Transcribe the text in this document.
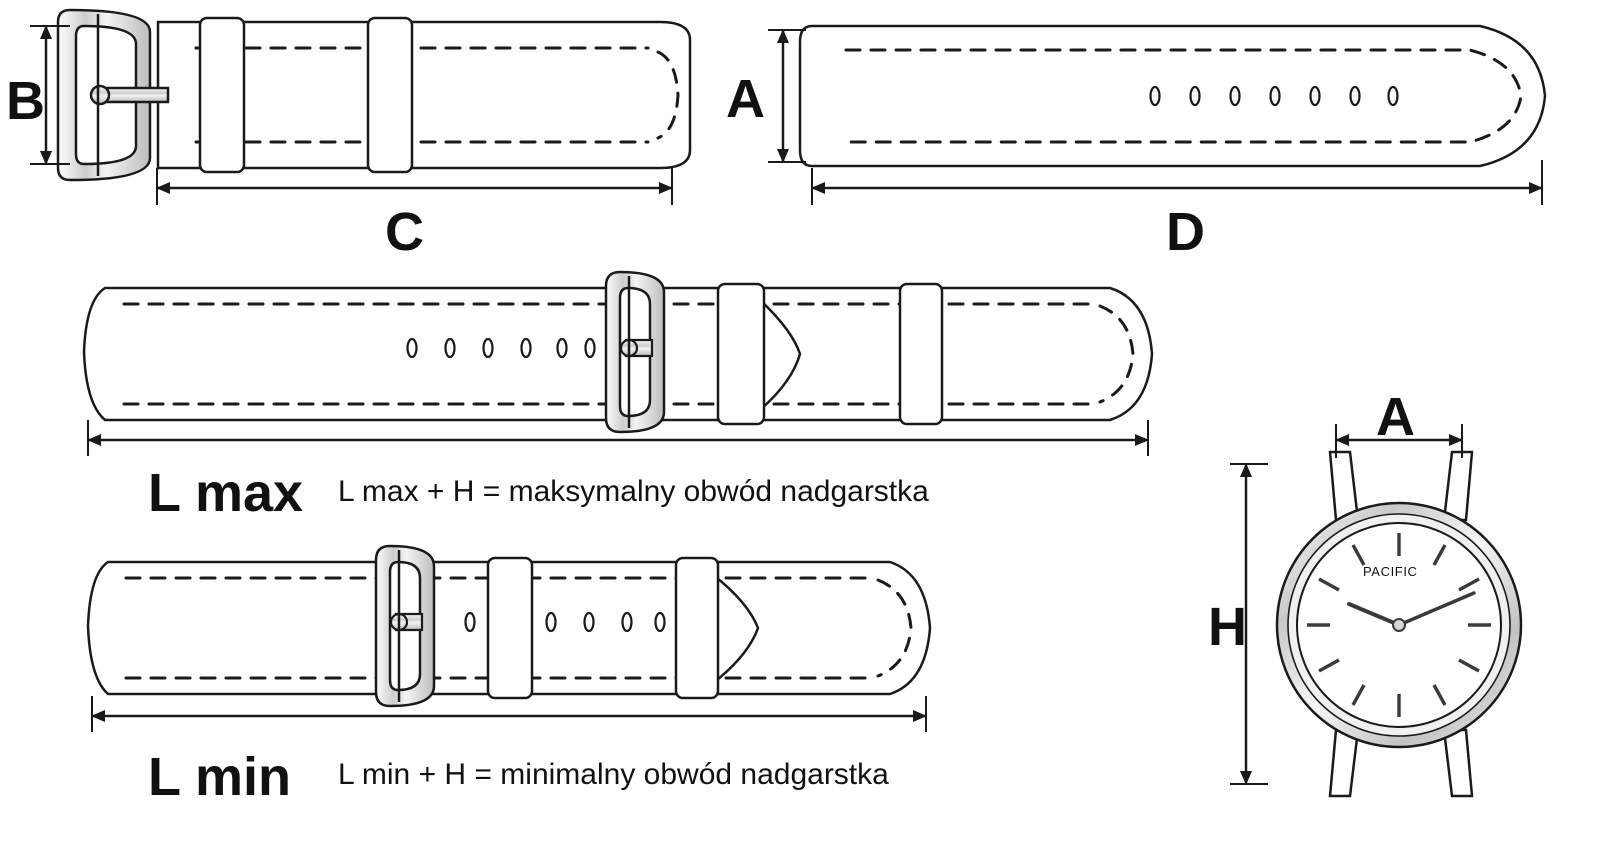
B
C
A
D
L max L max + H = maksymalny obwód nadgarstka
L min L min + H = minimalny obwód nadgarstka
A
H
PACIFIC
